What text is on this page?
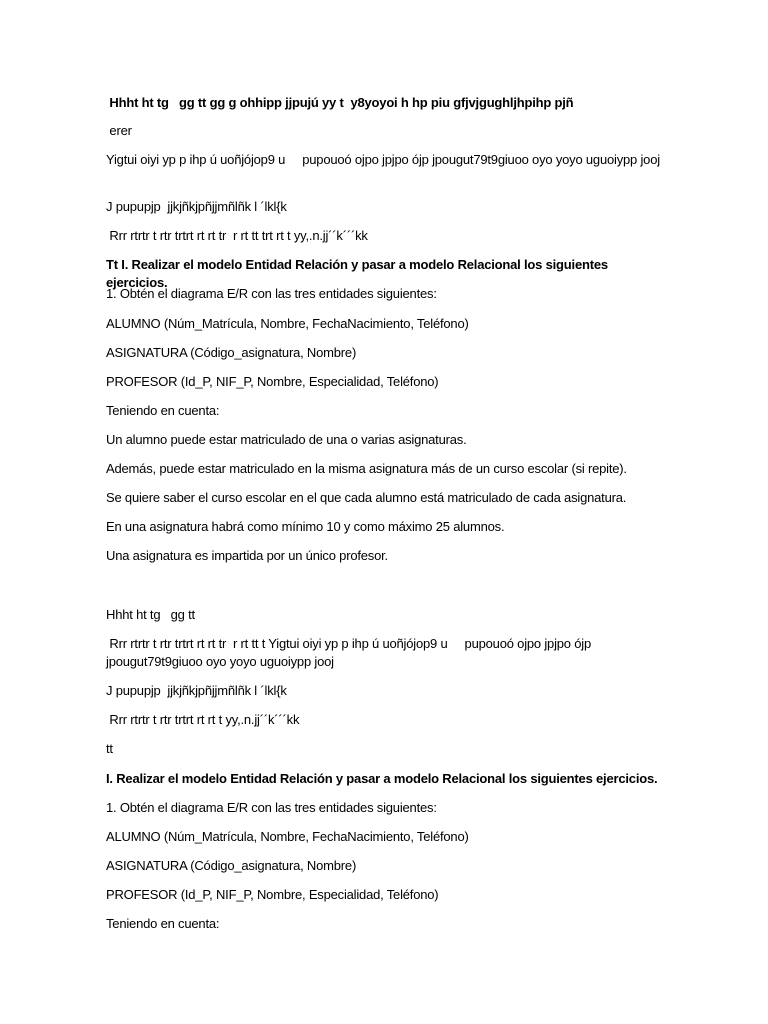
Hhht ht tg   gg tt gg g ohhipp jjpujú yy t  y8yoyoi h hp piu gfjvjgughljhpihp pjñ
erer
Yigtui oiyi yp p ihp ú uoñjójop9 u     pupouoó ojpo jpjpo ójp jpougut79t9giuoo oyo yoyo uguoiypp jooj
J pupupjp  jjkjñkjpñjjmñlñk l ´lkl{k
Rrr rtrtr t rtr trtrt rt rt tr  r rt tt trt rt t yy,.n.jj´´k´´´kk
Tt I. Realizar el modelo Entidad Relación y pasar a modelo Relacional los siguientes ejercicios.
1. Obtén el diagrama E/R con las tres entidades siguientes:
ALUMNO (Núm_Matrícula, Nombre, FechaNacimiento, Teléfono)
ASIGNATURA (Código_asignatura, Nombre)
PROFESOR (Id_P, NIF_P, Nombre, Especialidad, Teléfono)
Teniendo en cuenta:
Un alumno puede estar matriculado de una o varias asignaturas.
Además, puede estar matriculado en la misma asignatura más de un curso escolar (si repite).
Se quiere saber el curso escolar en el que cada alumno está matriculado de cada asignatura.
En una asignatura habrá como mínimo 10 y como máximo 25 alumnos.
Una asignatura es impartida por un único profesor.
Hhht ht tg   gg tt
Rrr rtrtr t rtr trtrt rt rt tr  r rt tt t Yigtui oiyi yp p ihp ú uoñjójop9 u     pupouoó ojpo jpjpo ójp jpougut79t9giuoo oyo yoyo uguoiypp jooj
J pupupjp  jjkjñkjpñjjmñlñk l ´lkl{k
Rrr rtrtr t rtr trtrt rt rt t yy,.n.jj´´k´´´kk
tt
I. Realizar el modelo Entidad Relación y pasar a modelo Relacional los siguientes ejercicios.
1. Obtén el diagrama E/R con las tres entidades siguientes:
ALUMNO (Núm_Matrícula, Nombre, FechaNacimiento, Teléfono)
ASIGNATURA (Código_asignatura, Nombre)
PROFESOR (Id_P, NIF_P, Nombre, Especialidad, Teléfono)
Teniendo en cuenta:
